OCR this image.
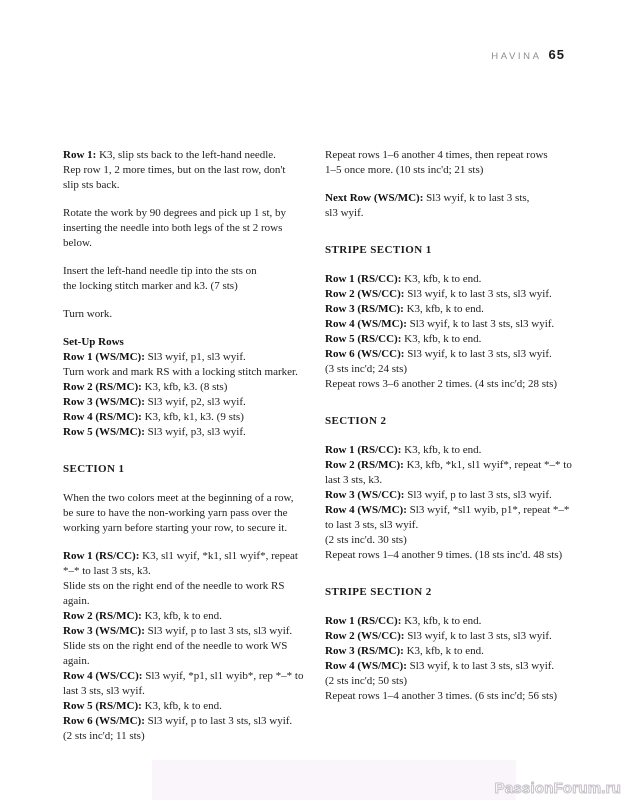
HAVINA 65
Row 1: K3, slip sts back to the left-hand needle.
Rep row 1, 2 more times, but on the last row, don't
slip sts back.
Rotate the work by 90 degrees and pick up 1 st, by
inserting the needle into both legs of the st 2 rows
below.
Insert the left-hand needle tip into the sts on
the locking stitch marker and k3. (7 sts)
Turn work.
Set-Up Rows
Row 1 (WS/MC): Sl3 wyif, p1, sl3 wyif.
Turn work and mark RS with a locking stitch marker.
Row 2 (RS/MC): K3, kfb, k3. (8 sts)
Row 3 (WS/MC): Sl3 wyif, p2, sl3 wyif.
Row 4 (RS/MC): K3, kfb, k1, k3. (9 sts)
Row 5 (WS/MC): Sl3 wyif, p3, sl3 wyif.
SECTION 1
When the two colors meet at the beginning of a row,
be sure to have the non-working yarn pass over the
working yarn before starting your row, to secure it.
Row 1 (RS/CC): K3, sl1 wyif, *k1, sl1 wyif*, repeat
*–* to last 3 sts, k3.
Slide sts on the right end of the needle to work RS
again.
Row 2 (RS/MC): K3, kfb, k to end.
Row 3 (WS/MC): Sl3 wyif, p to last 3 sts, sl3 wyif.
Slide sts on the right end of the needle to work WS
again.
Row 4 (WS/CC): Sl3 wyif, *p1, sl1 wyib*, rep *–* to
last 3 sts, sl3 wyif.
Row 5 (RS/MC): K3, kfb, k to end.
Row 6 (WS/MC): Sl3 wyif, p to last 3 sts, sl3 wyif.
(2 sts inc'd; 11 sts)
Repeat rows 1–6 another 4 times, then repeat rows
1–5 once more. (10 sts inc'd; 21 sts)
Next Row (WS/MC): Sl3 wyif, k to last 3 sts,
sl3 wyif.
STRIPE SECTION 1
Row 1 (RS/CC): K3, kfb, k to end.
Row 2 (WS/CC): Sl3 wyif, k to last 3 sts, sl3 wyif.
Row 3 (RS/MC): K3, kfb, k to end.
Row 4 (WS/MC): Sl3 wyif, k to last 3 sts, sl3 wyif.
Row 5 (RS/CC): K3, kfb, k to end.
Row 6 (WS/CC): Sl3 wyif, k to last 3 sts, sl3 wyif.
(3 sts inc'd; 24 sts)
Repeat rows 3–6 another 2 times. (4 sts inc'd; 28 sts)
SECTION 2
Row 1 (RS/CC): K3, kfb, k to end.
Row 2 (RS/MC): K3, kfb, *k1, sl1 wyif*, repeat *–* to
last 3 sts, k3.
Row 3 (WS/CC): Sl3 wyif, p to last 3 sts, sl3 wyif.
Row 4 (WS/MC): Sl3 wyif, *sl1 wyib, p1*, repeat *–*
to last 3 sts, sl3 wyif.
(2 sts inc'd. 30 sts)
Repeat rows 1–4 another 9 times. (18 sts inc'd. 48 sts)
STRIPE SECTION 2
Row 1 (RS/CC): K3, kfb, k to end.
Row 2 (WS/CC): Sl3 wyif, k to last 3 sts, sl3 wyif.
Row 3 (RS/MC): K3, kfb, k to end.
Row 4 (WS/MC): Sl3 wyif, k to last 3 sts, sl3 wyif.
(2 sts inc'd; 50 sts)
Repeat rows 1–4 another 3 times. (6 sts inc'd; 56 sts)
PassionForum.ru
